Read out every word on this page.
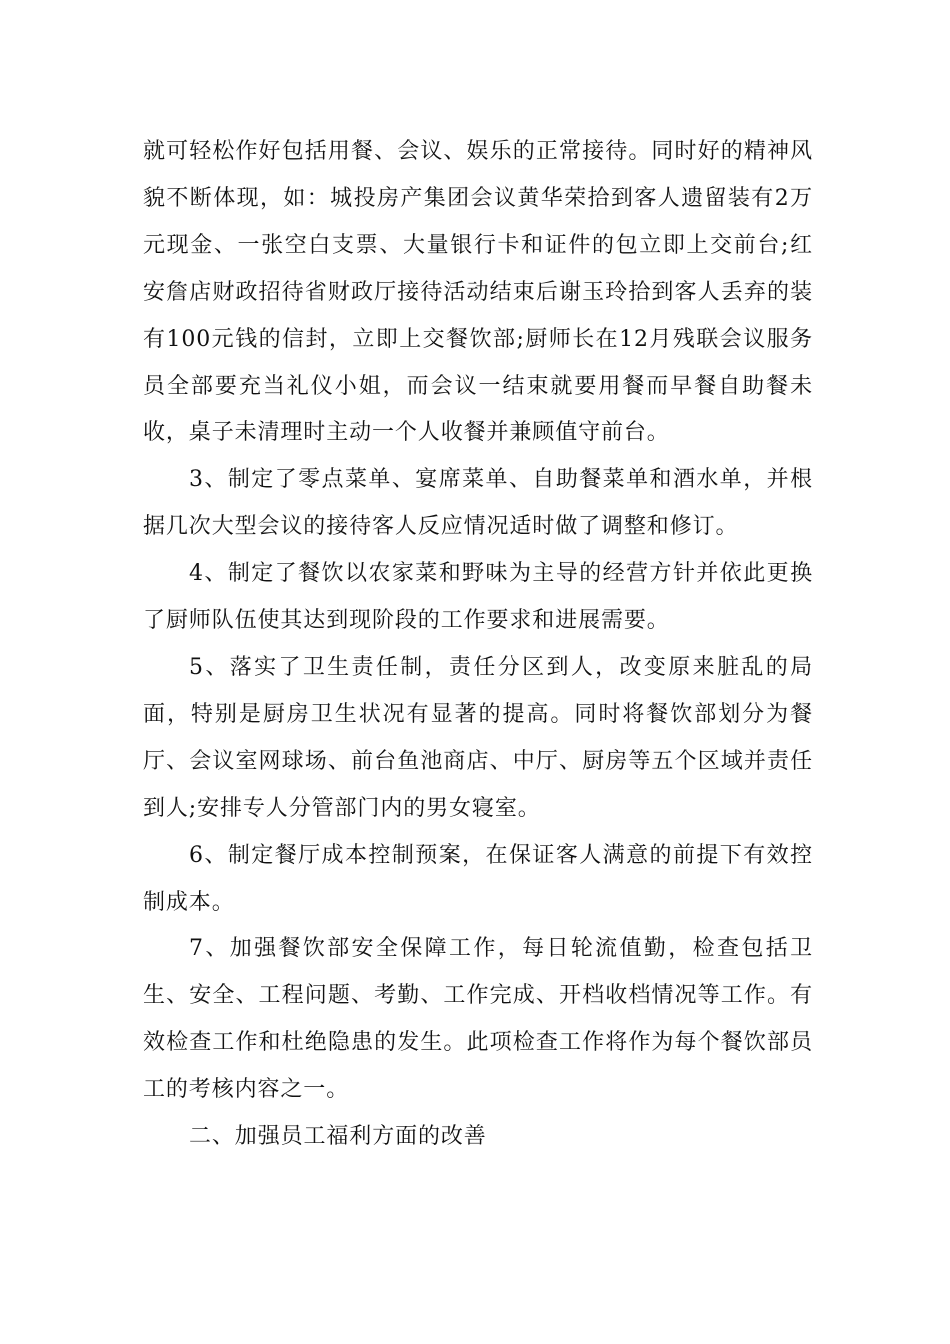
就可轻松作好包括用餐、会议、娱乐的正常接待。同时好的精神风貌不断体现，如：城投房产集团会议黄华荣拾到客人遗留装有2万元现金、一张空白支票、大量银行卡和证件的包立即上交前台;红安詹店财政招待省财政厅接待活动结束后谢玉玲拾到客人丢弃的装有100元钱的信封，立即上交餐饮部;厨师长在12月残联会议服务员全部要充当礼仪小姐，而会议一结束就要用餐而早餐自助餐未收，桌子未清理时主动一个人收餐并兼顾值守前台。

3、制定了零点菜单、宴席菜单、自助餐菜单和酒水单，并根据几次大型会议的接待客人反应情况适时做了调整和修订。

4、制定了餐饮以农家菜和野味为主导的经营方针并依此更换了厨师队伍使其达到现阶段的工作要求和进展需要。

5、落实了卫生责任制，责任分区到人，改变原来脏乱的局面，特别是厨房卫生状况有显著的提高。同时将餐饮部划分为餐厅、会议室网球场、前台鱼池商店、中厅、厨房等五个区域并责任到人;安排专人分管部门内的男女寝室。

6、制定餐厅成本控制预案，在保证客人满意的前提下有效控制成本。

7、加强餐饮部安全保障工作，每日轮流值勤，检查包括卫生、安全、工程问题、考勤、工作完成、开档收档情况等工作。有效检查工作和杜绝隐患的发生。此项检查工作将作为每个餐饮部员工的考核内容之一。

二、加强员工福利方面的改善
